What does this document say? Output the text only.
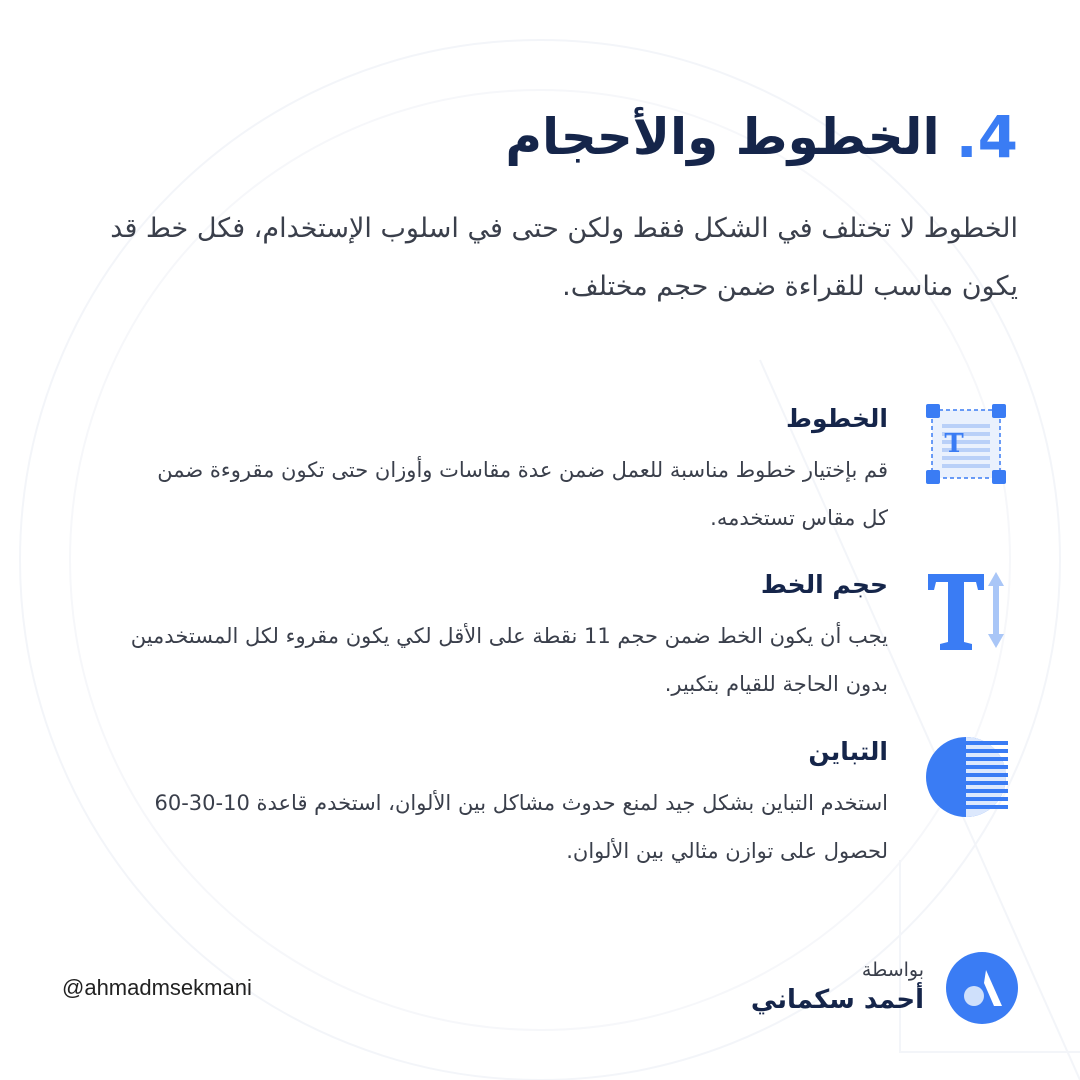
4.
الخطوط والأحجام
الخطوط لا تختلف في الشكل فقط ولكن حتى في اسلوب الإستخدام، فكل خط قد يكون مناسب للقراءة ضمن حجم مختلف.
T
الخطوط
قم بإختيار خطوط مناسبة للعمل ضمن عدة مقاسات وأوزان حتى تكون مقروءة ضمن كل مقاس تستخدمه.
حجم الخط
يجب أن يكون الخط ضمن حجم 11 نقطة على الأقل لكي يكون مقروء لكل المستخدمين بدون الحاجة للقيام بتكبير.
التباين
استخدم التباين بشكل جيد لمنع حدوث مشاكل بين الألوان، استخدم قاعدة 10-30-60 لحصول على توازن مثالي بين الألوان.
@ahmadmsekmani
بواسطة
أحمد سكماني
